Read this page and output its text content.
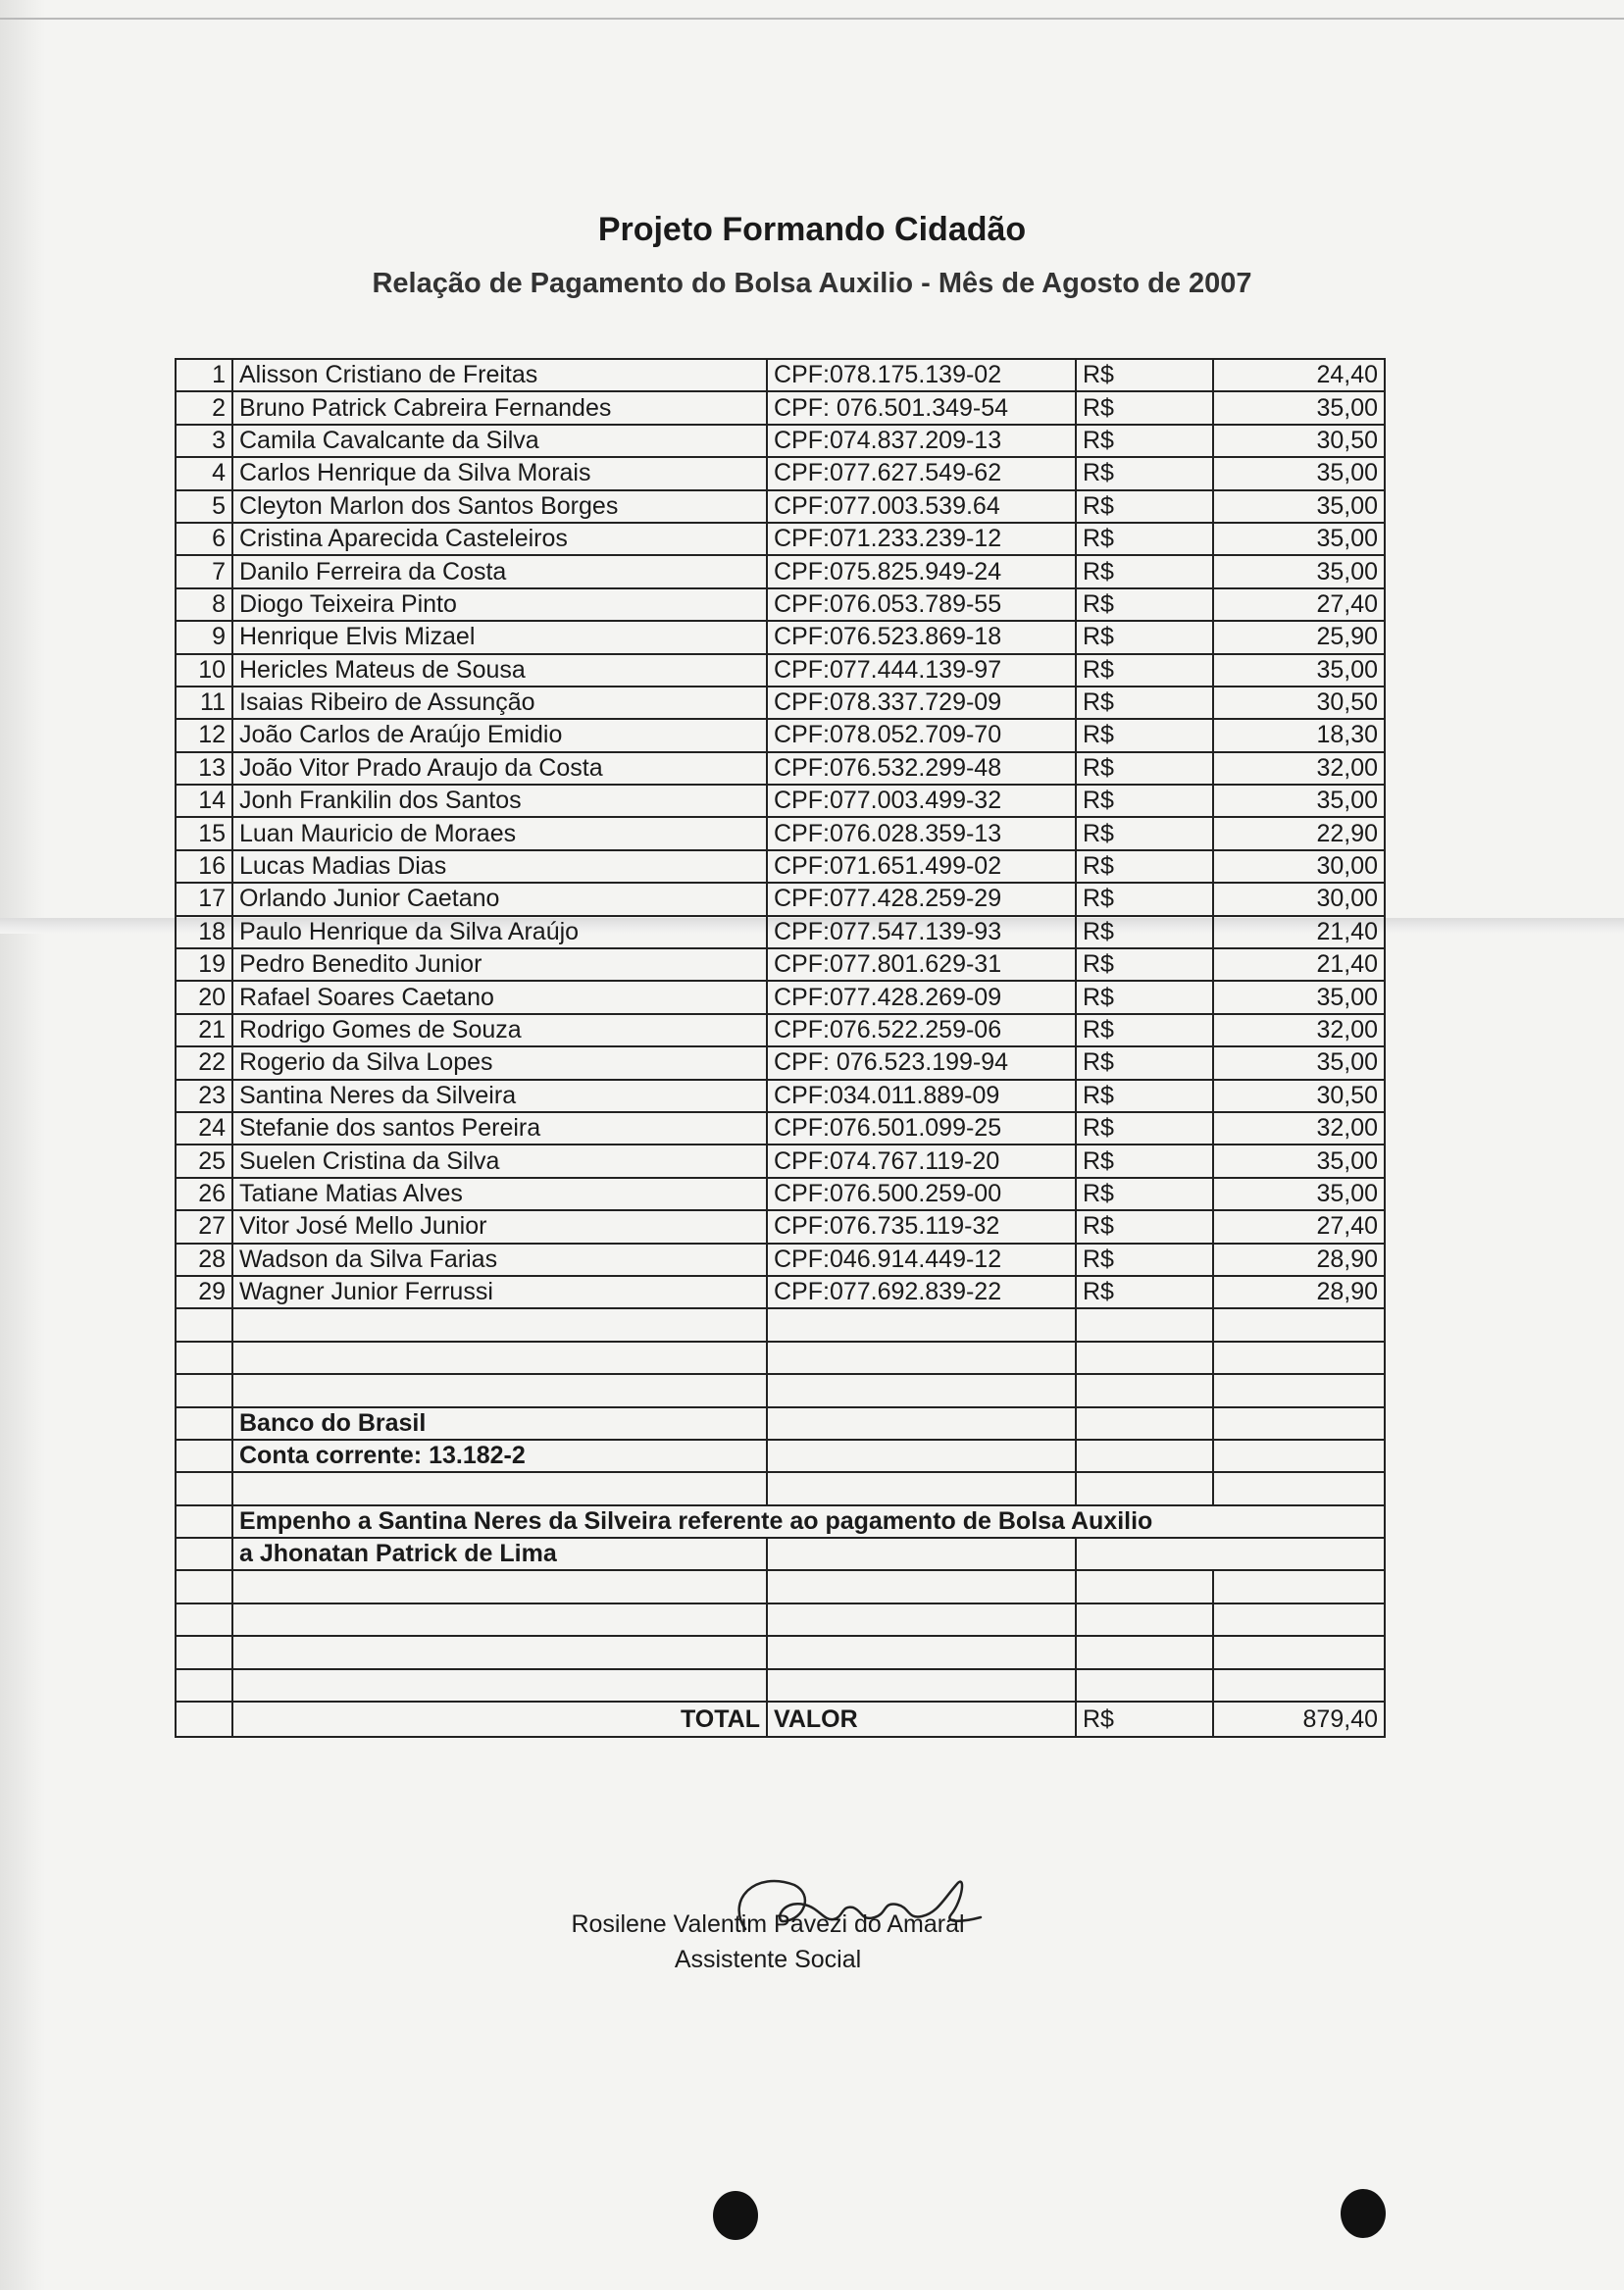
Projeto Formando Cidadão
Relação de Pagamento do Bolsa Auxilio - Mês de Agosto de 2007
1	Alisson Cristiano de Freitas	CPF:078.175.139-02	R$	24,40
2	Bruno Patrick Cabreira Fernandes	CPF: 076.501.349-54	R$	35,00
3	Camila Cavalcante da Silva	CPF:074.837.209-13	R$	30,50
4	Carlos Henrique da Silva Morais	CPF:077.627.549-62	R$	35,00
5	Cleyton Marlon dos Santos Borges	CPF:077.003.539.64	R$	35,00
6	Cristina Aparecida Casteleiros	CPF:071.233.239-12	R$	35,00
7	Danilo Ferreira da Costa	CPF:075.825.949-24	R$	35,00
8	Diogo Teixeira Pinto	CPF:076.053.789-55	R$	27,40
9	Henrique Elvis Mizael	CPF:076.523.869-18	R$	25,90
10	Hericles Mateus de Sousa	CPF:077.444.139-97	R$	35,00
11	Isaias Ribeiro de Assunção	CPF:078.337.729-09	R$	30,50
12	João Carlos de Araújo Emidio	CPF:078.052.709-70	R$	18,30
13	João Vitor Prado Araujo da Costa	CPF:076.532.299-48	R$	32,00
14	Jonh Frankilin dos Santos	CPF:077.003.499-32	R$	35,00
15	Luan Mauricio de Moraes	CPF:076.028.359-13	R$	22,90
16	Lucas Madias Dias	CPF:071.651.499-02	R$	30,00
17	Orlando Junior Caetano	CPF:077.428.259-29	R$	30,00
18	Paulo Henrique da Silva Araújo	CPF:077.547.139-93	R$	21,40
19	Pedro Benedito Junior	CPF:077.801.629-31	R$	21,40
20	Rafael Soares Caetano	CPF:077.428.269-09	R$	35,00
21	Rodrigo Gomes de Souza	CPF:076.522.259-06	R$	32,00
22	Rogerio da Silva Lopes	CPF: 076.523.199-94	R$	35,00
23	Santina Neres da Silveira	CPF:034.011.889-09	R$	30,50
24	Stefanie dos santos Pereira	CPF:076.501.099-25	R$	32,00
25	Suelen Cristina da Silva	CPF:074.767.119-20	R$	35,00
26	Tatiane Matias Alves	CPF:076.500.259-00	R$	35,00
27	Vitor José Mello Junior	CPF:076.735.119-32	R$	27,40
28	Wadson da Silva Farias	CPF:046.914.449-12	R$	28,90
29	Wagner Junior Ferrussi	CPF:077.692.839-22	R$	28,90

	Banco do Brasil			
	Conta corrente: 13.182-2			

	Empenho a Santina Neres da Silveira referente ao pagamento de Bolsa Auxilio			
	a Jhonatan Patrick de Lima			

	TOTAL	VALOR	R$	879,40
Rosilene Valentim Pavezi do Amaral
Assistente Social
